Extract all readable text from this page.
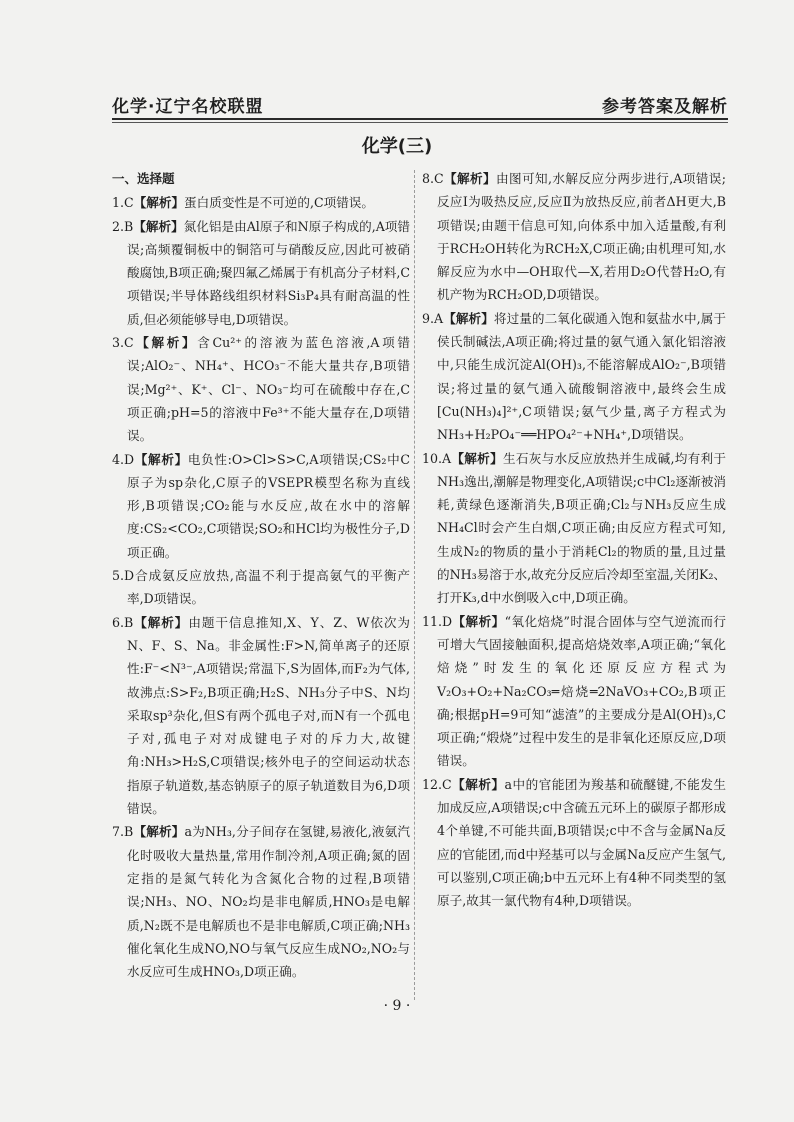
化学·辽宁名校联盟	参考答案及解析
化学(三)
一、选择题

1.C【解析】蛋白质变性是不可逆的,C项错误。

2.B【解析】氮化铝是由Al原子和N原子构成的,A项错误;高频覆铜板中的铜箔可与硝酸反应,因此可被硝酸腐蚀,B项正确;聚四氟乙烯属于有机高分子材料,C项错误;半导体路线组织材料Si₃P₄具有耐高温的性质,但必须能够导电,D项错误。

3.C【解析】含Cu²⁺的溶液为蓝色溶液,A项错误;AlO₂⁻、NH₄⁺、HCO₃⁻不能大量共存,B项错误;Mg²⁺、K⁺、Cl⁻、NO₃⁻均可在硫酸中存在,C项正确;pH=5的溶液中Fe³⁺不能大量存在,D项错误。

4.D【解析】电负性:O>Cl>S>C,A项错误;CS₂中C原子为sp杂化,C原子的VSEPR模型名称为直线形,B项错误;CO₂能与水反应,故在水中的溶解度:CS₂<CO₂,C项错误;SO₂和HCl均为极性分子,D项正确。

5.D合成氨反应放热,高温不利于提高氨气的平衡产率,D项错误。

6.B【解析】由题干信息推知,X、Y、Z、W依次为N、F、S、Na。非金属性:F>N,简单离子的还原性:F⁻<N³⁻,A项错误;常温下,S为固体,而F₂为气体,故沸点:S>F₂,B项正确;H₂S、NH₃分子中S、N均采取sp³杂化,但S有两个孤电子对,而N有一个孤电子对,孤电子对对成键电子对的斥力大,故键角:NH₃>H₂S,C项错误;核外电子的空间运动状态指原子轨道数,基态钠原子的原子轨道数目为6,D项错误。

7.B【解析】a为NH₃,分子间存在氢键,易液化,液氨汽化时吸收大量热量,常用作制冷剂,A项正确;氮的固定指的是氮气转化为含氮化合物的过程,B项错误;NH₃、NO、NO₂均是非电解质,HNO₃是电解质,N₂既不是电解质也不是非电解质,C项正确;NH₃催化氧化生成NO,NO与氧气反应生成NO₂,NO₂与水反应可生成HNO₃,D项正确。

8.C【解析】由图可知,水解反应分两步进行,A项错误;反应Ⅰ为吸热反应,反应Ⅱ为放热反应,前者ΔH更大,B项错误;由题干信息可知,向体系中加入适量酸,有利于RCH₂OH转化为RCH₂X,C项正确;由机理可知,水解反应为水中—OH取代—X,若用D₂O代替H₂O,有机产物为RCH₂OD,D项错误。

9.A【解析】将过量的二氧化碳通入饱和氨盐水中,属于侯氏制碱法,A项正确;将过量的氨气通入氯化铝溶液中,只能生成沉淀Al(OH)₃,不能溶解成AlO₂⁻,B项错误;将过量的氨气通入硫酸铜溶液中,最终会生成[Cu(NH₃)₄]²⁺,C项错误;氨气少量,离子方程式为NH₃+H₂PO₄⁻══HPO₄²⁻+NH₄⁺,D项错误。

10.A【解析】生石灰与水反应放热并生成碱,均有利于NH₃逸出,潮解是物理变化,A项错误;c中Cl₂逐渐被消耗,黄绿色逐渐消失,B项正确;Cl₂与NH₃反应生成NH₄Cl时会产生白烟,C项正确;由反应方程式可知,生成N₂的物质的量小于消耗Cl₂的物质的量,且过量的NH₃易溶于水,故充分反应后冷却至室温,关闭K₂、打开K₃,d中水倒吸入c中,D项正确。

11.D【解析】“氧化焙烧”时混合固体与空气逆流而行可增大气固接触面积,提高焙烧效率,A项正确;“氧化焙烧”时发生的氧化还原反应方程式为V₂O₃+O₂+Na₂CO₃═焙烧═2NaVO₃+CO₂,B项正确;根据pH=9可知“滤渣”的主要成分是Al(OH)₃,C项正确;“煅烧”过程中发生的是非氧化还原反应,D项错误。

12.C【解析】a中的官能团为羧基和硫醚键,不能发生加成反应,A项错误;c中含硫五元环上的碳原子都形成4个单键,不可能共面,B项错误;c中不含与金属Na反应的官能团,而d中羟基可以与金属Na反应产生氢气,可以鉴别,C项正确;b中五元环上有4种不同类型的氢原子,故其一氯代物有4种,D项错误。

· 9 ·
